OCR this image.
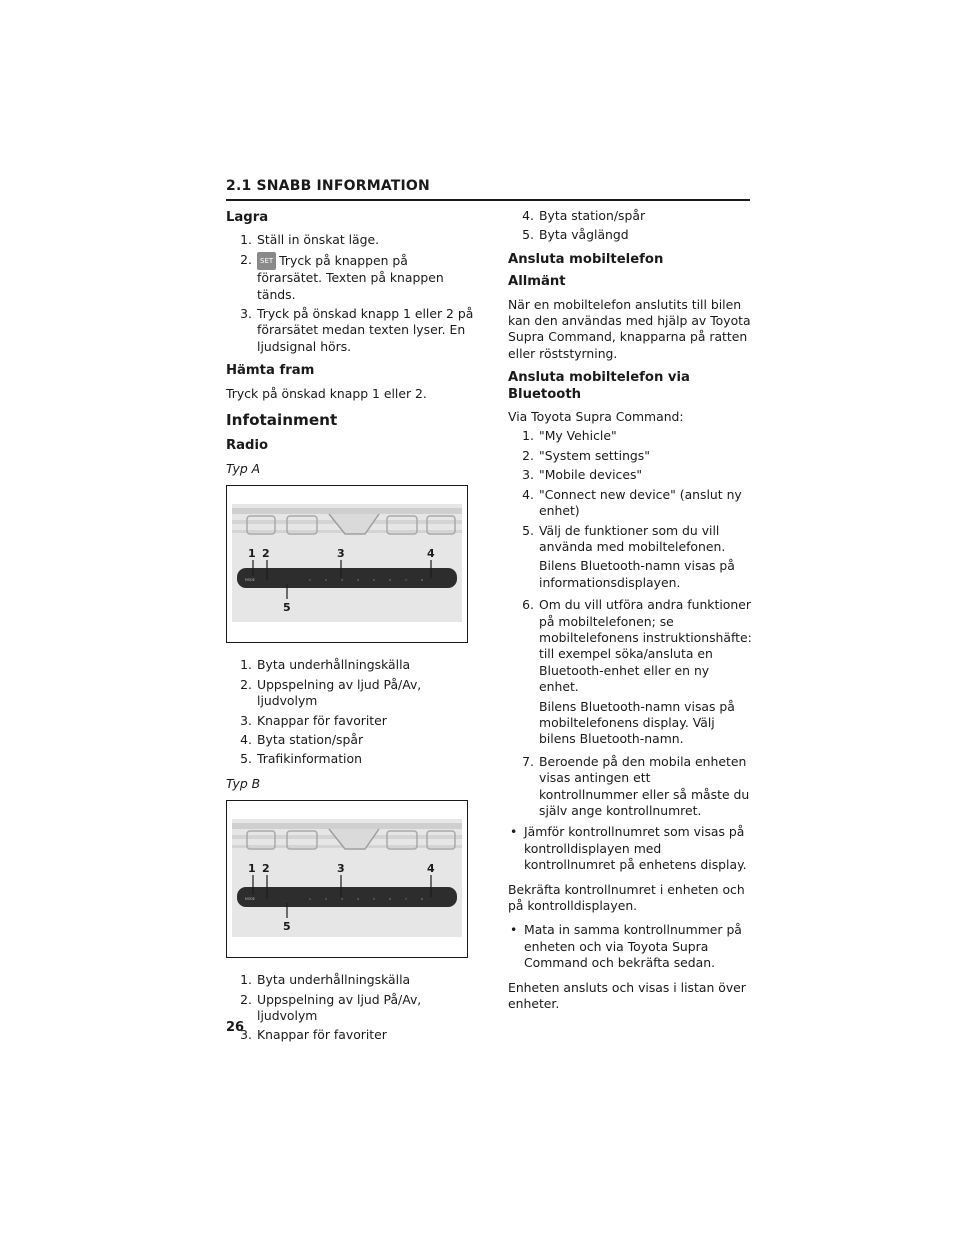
2.1 SNABB INFORMATION
Lagra
1. Ställ in önskat läge.
2.	SET Tryck på knappen på förarsätet. Texten på knappen tänds.
3. Tryck på önskad knapp 1 eller 2 på förarsätet medan texten lyser. En ljudsignal hörs.
Hämta fram
Tryck på önskad knapp 1 eller 2.
Infotainment
Radio
Typ A
MODE	1	2	3	4	5	6	7	8
1 2	3	4
5
1. Byta underhållningskälla
2. Uppspelning av ljud På/Av, ljudvolym
3. Knappar för favoriter
4. Byta station/spår
5. Trafikinformation
Typ B
MODE	1	2	3	4	5	6	7	8
1 2	3	4
5
1. Byta underhållningskälla
2. Uppspelning av ljud På/Av, ljudvolym
3. Knappar för favoriter
4. Byta station/spår
5. Byta våglängd
Ansluta mobiltelefon
Allmänt
När en mobiltelefon anslutits till bilen kan den användas med hjälp av Toyota Supra Command, knapparna på ratten eller röststyrning.
Ansluta mobiltelefon via Bluetooth
Via Toyota Supra Command:
1. "My Vehicle"
2. "System settings"
3. "Mobile devices"
4. "Connect new device" (anslut ny enhet)
5. Välj de funktioner som du vill använda med mobiltelefonen.
Bilens Bluetooth-namn visas på informationsdisplayen.
6. Om du vill utföra andra funktioner på mobiltelefonen; se mobiltelefonens instruktionshäfte: till exempel söka/ansluta en Bluetooth-enhet eller en ny enhet.
Bilens Bluetooth-namn visas på mobiltelefonens display. Välj bilens Bluetooth-namn.
7. Beroende på den mobila enheten visas antingen ett kontrollnummer eller så måste du själv ange kontrollnumret.
• Jämför kontrollnumret som visas på kontrolldisplayen med kontrollnumret på enhetens display.
Bekräfta kontrollnumret i enheten och på kontrolldisplayen.
• Mata in samma kontrollnummer på enheten och via Toyota Supra Command och bekräfta sedan.
Enheten ansluts och visas i listan över enheter.
26
